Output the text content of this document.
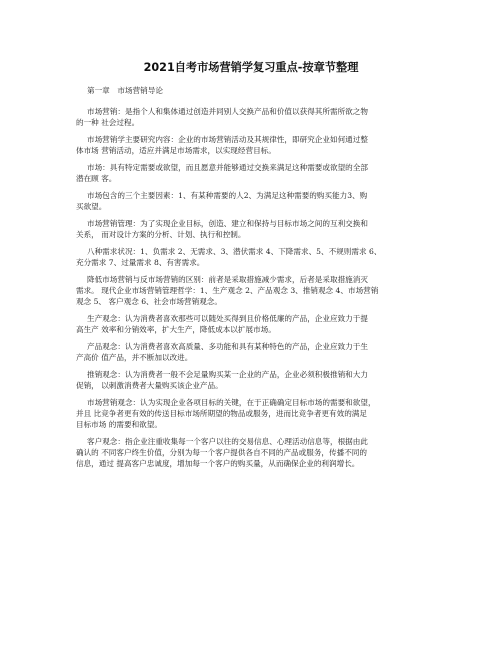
2021自考市场营销学复习重点-按章节整理
第一章　市场营销导论
市场营销：是指个人和集体通过创造并同别人交换产品和价值以获得其所需所欲之物
的一种 社会过程。
市场营销学主要研究内容：企业的市场营销活动及其规律性，即研究企业如何通过整
体市场 营销活动，适应并满足市场需求，以实现经营目标。
市场：具有特定需要或欲望，而且愿意并能够通过交换来满足这种需要或欲望的全部
潜在顾 客。
市场包含的三个主要因素：1、有某种需要的人2、为满足这种需要的购买能力3、购
买欲望。
市场营销管理：为了实现企业目标，创造、建立和保持与目标市场之间的互利交换和
关系， 而对设计方案的分析、计划、执行和控制。
八种需求状况：1、负需求 2、无需求、3、潜伏需求 4、下降需求、5、不规则需求 6、
充分需求 7、过量需求 8、有害需求。
降低市场营销与反市场营销的区别：前者是采取措施减少需求，后者是采取措施消灭
需求。 现代企业市场营销管理哲学：1、生产观念 2、产品观念 3、推销观念 4、市场营销
观念 5、 客户观念 6、社会市场营销观念。
生产观念：认为消费者喜欢那些可以随处买得到且价格低廉的产品，企业应致力于提
高生产 效率和分销效率，扩大生产，降低成本以扩展市场。
产品观念：认为消费者喜欢高质量、多功能和具有某种特色的产品，企业应致力于生
产高价 值产品，并不断加以改进。
推销观念：认为消费者一般不会足量购买某一企业的产品，企业必须积极推销和大力
促销， 以刺激消费者大量购买该企业产品。
市场营销观念：认为实现企业各项目标的关键，在于正确确定目标市场的需要和欲望，
并且 比竞争者更有效的传送目标市场所期望的物品或服务，进而比竞争者更有效的满足
目标市场 的需要和欲望。
客户观念：指企业注重收集每一个客户以往的交易信息、心理活动信息等，根据由此
确认的 不同客户终生价值，分别为每一个客户提供各自不同的产品或服务，传播不同的
信息，通过 提高客户忠诚度，增加每一个客户的购买量，从而确保企业的利润增长。
